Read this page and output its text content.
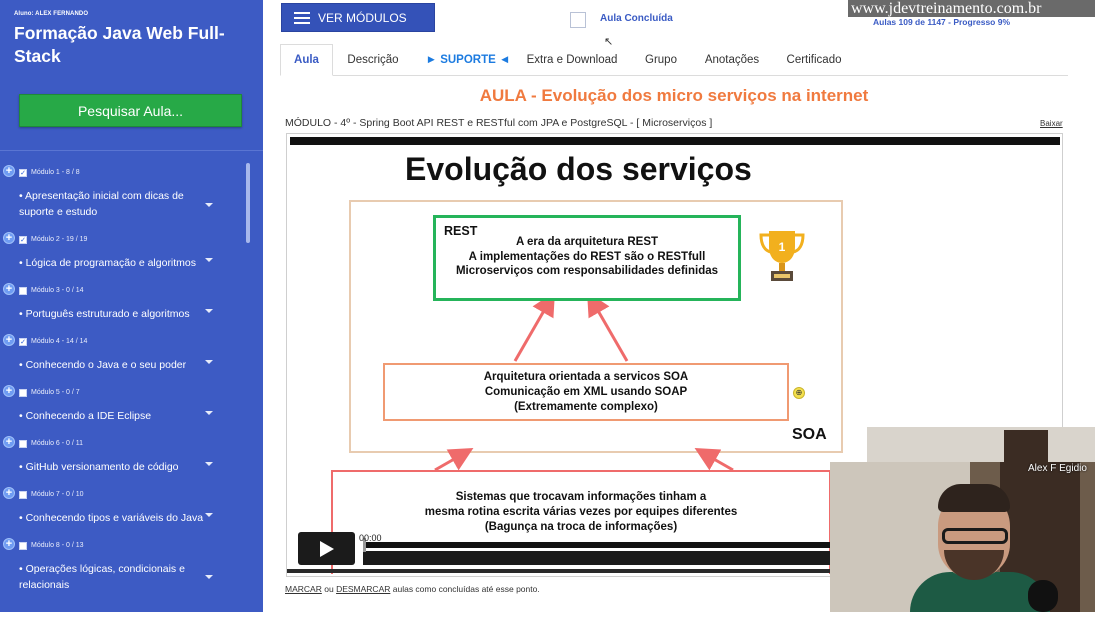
Aluno: ALEX FERNANDO
Formação Java Web Full-Stack
Pesquisar Aula...
+	✓ Módulo 1 - 8 / 8
• Apresentação inicial com dicas de suporte e estudo
+	✓ Módulo 2 - 19 / 19
• Lógica de programação e algoritmos
+	Módulo 3 - 0 / 14
• Português estruturado e algoritmos
+	✓ Módulo 4 - 14 / 14
• Conhecendo o Java e o seu poder
+	Módulo 5 - 0 / 7
• Conhecendo a IDE Eclipse
+	Módulo 6 - 0 / 11
• GitHub versionamento de código
+	Módulo 7 - 0 / 10
• Conhecendo tipos e variáveis do Java
+	Módulo 8 - 0 / 13
• Operações lógicas, condicionais e relacionais
VER MÓDULOS	Aula Concluída
↖
www.jdevtreinamento.com.br
Aulas 109 de 1147 - Progresso 9%
Aula	Descrição	► SUPORTE ◄	Extra e Download	Grupo	Anotações	Certificado
AULA - Evolução dos micro serviços na internet
MÓDULO - 4º - Spring Boot API REST e RESTful com JPA e PostgreSQL - [ Microserviços ]	Baixar
Evolução dos serviços
SOA
REST
A era da arquitetura REST
A implementações do REST são o RESTfull
Microserviços com responsabilidades definidas
1
Arquitetura orientada a servicos SOA
Comunicação em XML usando SOAP
(Extremamente complexo)
⊕
Sistemas que trocavam informações tinham a
mesma rotina escrita várias vezes por equipes diferentes
(Bagunça na troca de informações)
00:00
MARCAR ou DESMARCAR aulas como concluídas até esse ponto.
Alex F Egidio
